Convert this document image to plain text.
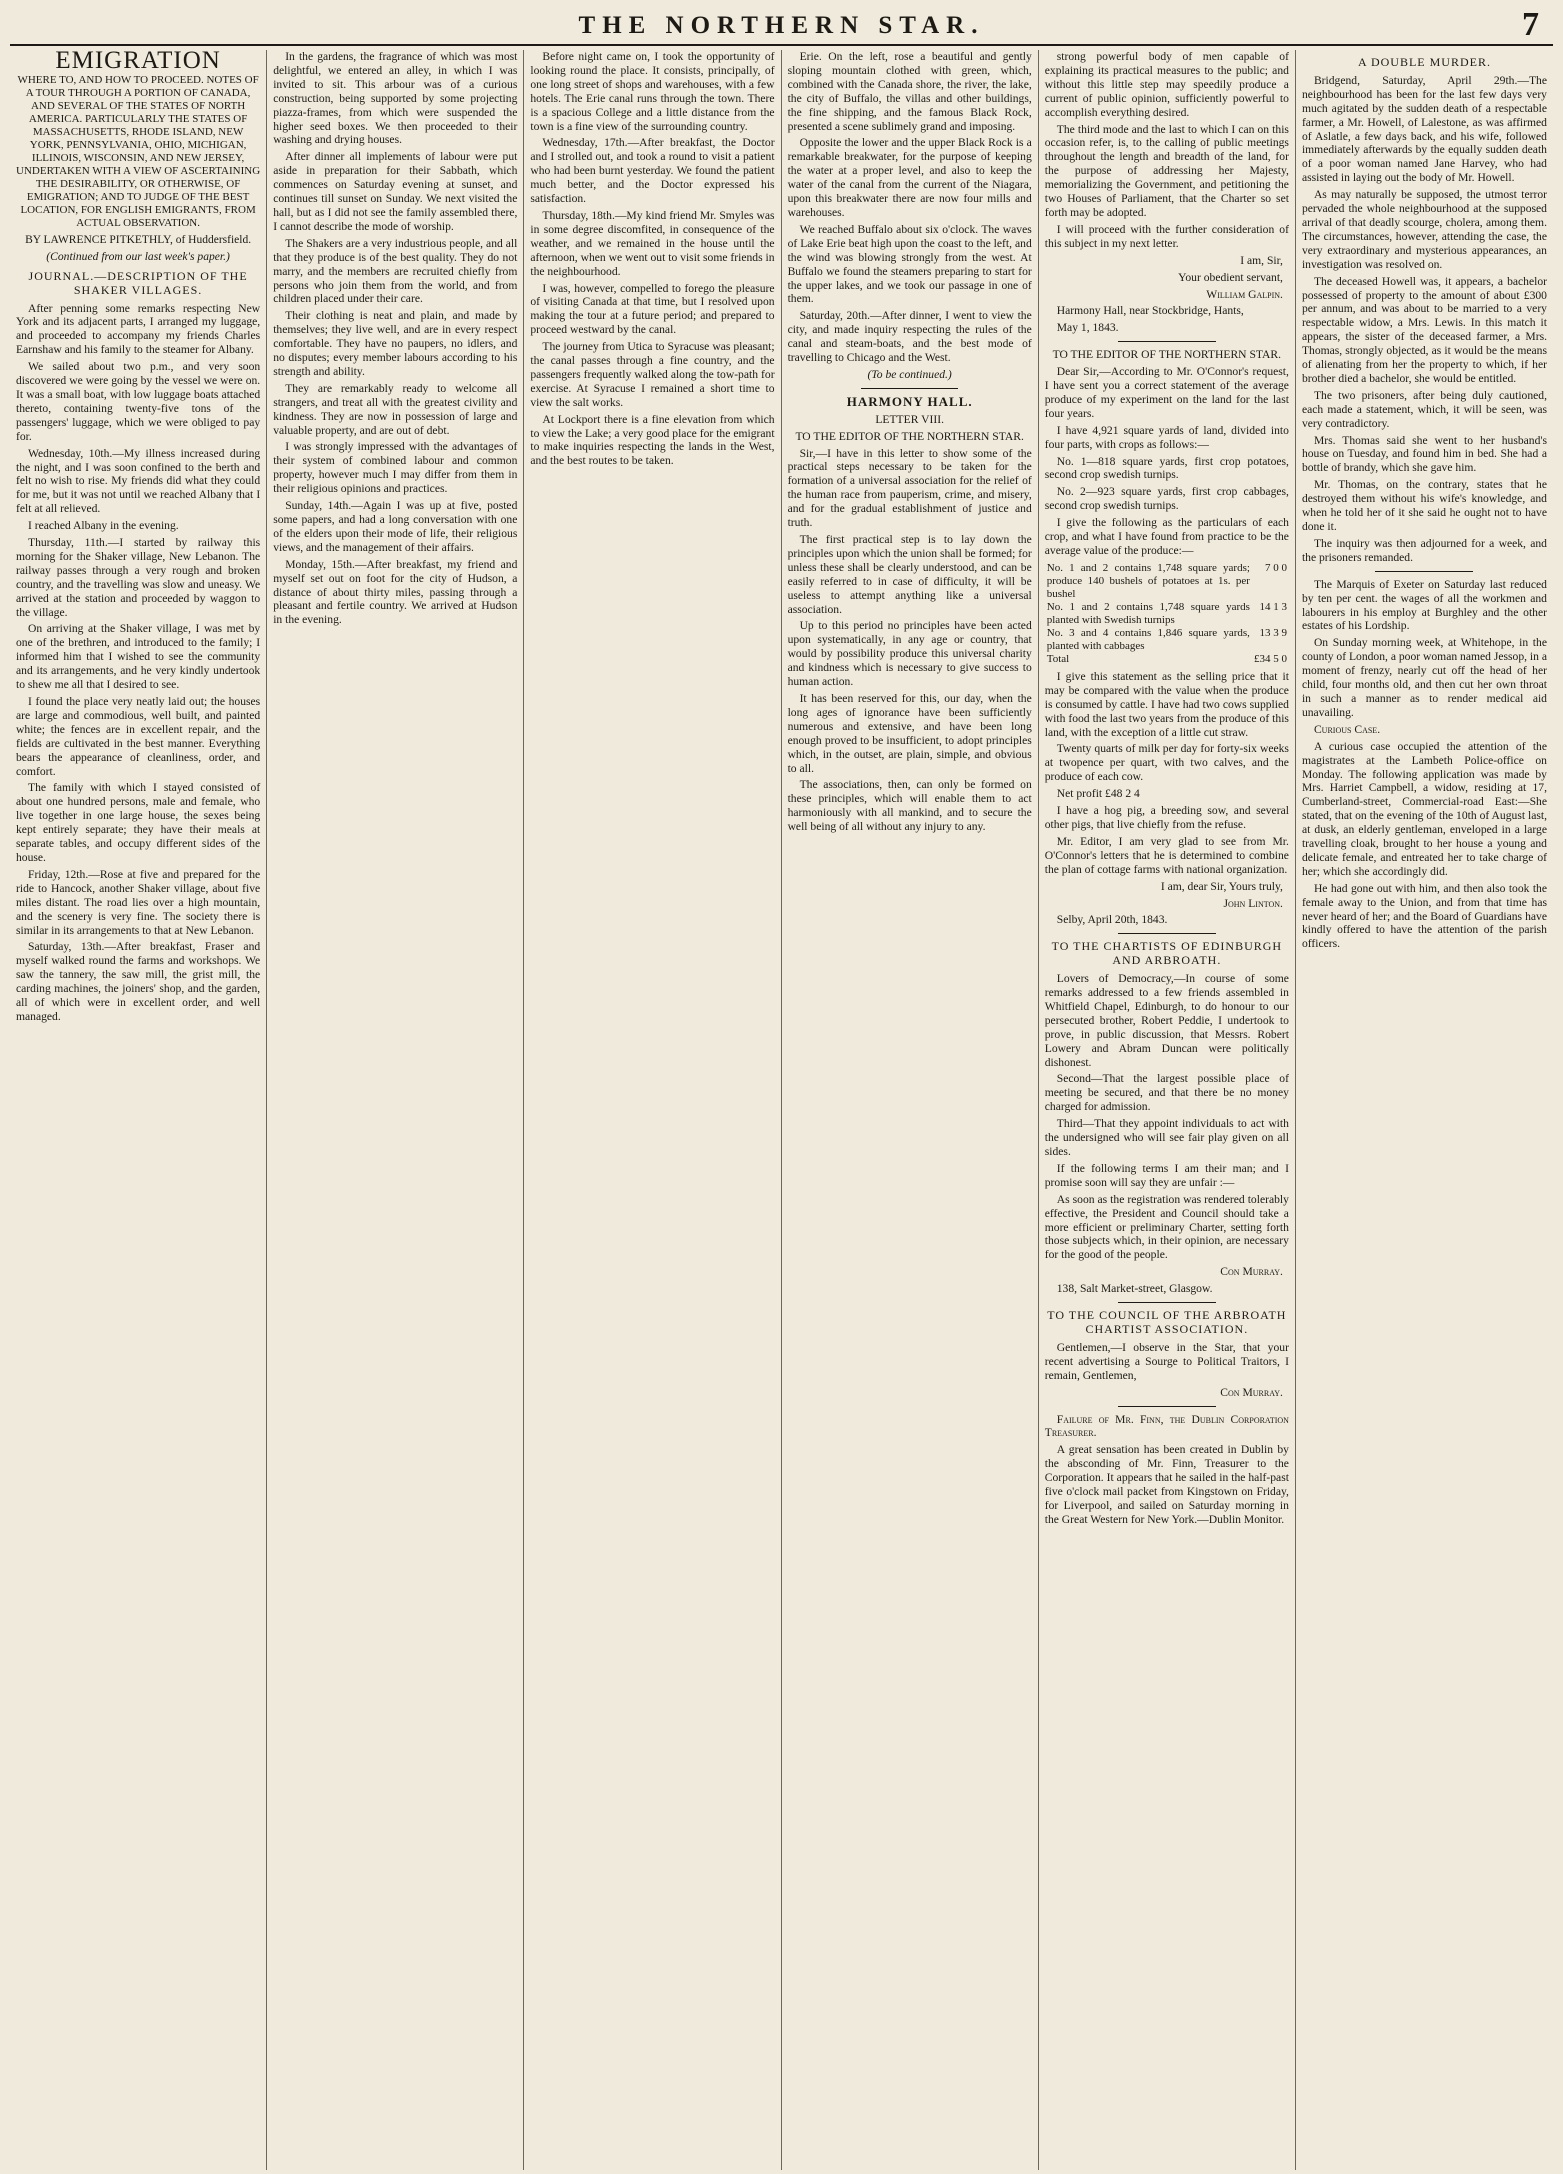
THE NORTHERN STAR.	7
EMIGRATION

WHERE TO, AND HOW TO PROCEED. NOTES OF A TOUR THROUGH A PORTION OF CANADA, AND SEVERAL OF THE STATES OF NORTH AMERICA. PARTICULARLY THE STATES OF MASSACHUSETTS, RHODE ISLAND, NEW YORK, PENNSYLVANIA, OHIO, MICHIGAN, ILLINOIS, WISCONSIN, AND NEW JERSEY, UNDERTAKEN WITH A VIEW OF ASCERTAINING THE DESIRABILITY, OR OTHERWISE, OF EMIGRATION; AND TO JUDGE OF THE BEST LOCATION, FOR ENGLISH EMIGRANTS, FROM ACTUAL OBSERVATION.

BY LAWRENCE PITKETHLY, of Huddersfield.

(Continued from our last week's paper.)

JOURNAL.—DESCRIPTION OF THE SHAKER VILLAGES.

After penning some remarks respecting New York and its adjacent parts, I arranged my luggage, and proceeded to accompany my friends Charles Earnshaw and his family to the steamer for Albany.

We sailed about two p.m., and very soon discovered we were going by the vessel we were on. It was a small boat, with low luggage boats attached thereto, containing twenty-five tons of the passengers' luggage, which we were obliged to pay for.

Wednesday, 10th.—My illness increased during the night, and I was soon confined to the berth and felt no wish to rise. My friends did what they could for me, but it was not until we reached Albany that I felt at all relieved.

I reached Albany in the evening.

Thursday, 11th.—I started by railway this morning for the Shaker village, New Lebanon. The railway passes through a very rough and broken country, and the travelling was slow and uneasy. We arrived at the station and proceeded by waggon to the village.

On arriving at the Shaker village, I was met by one of the brethren, and introduced to the family; I informed him that I wished to see the community and its arrangements, and he very kindly undertook to shew me all that I desired to see.

I found the place very neatly laid out; the houses are large and commodious, well built, and painted white; the fences are in excellent repair, and the fields are cultivated in the best manner. Everything bears the appearance of cleanliness, order, and comfort.

The family with which I stayed consisted of about one hundred persons, male and female, who live together in one large house, the sexes being kept entirely separate; they have their meals at separate tables, and occupy different sides of the house.

Friday, 12th.—Rose at five and prepared for the ride to Hancock, another Shaker village, about five miles distant. The road lies over a high mountain, and the scenery is very fine. The society there is similar in its arrangements to that at New Lebanon.

Saturday, 13th.—After breakfast, Fraser and myself walked round the farms and workshops. We saw the tannery, the saw mill, the grist mill, the carding machines, the joiners' shop, and the garden, all of which were in excellent order, and well managed.

In the gardens, the fragrance of which was most delightful, we entered an alley, in which I was invited to sit. This arbour was of a curious construction, being supported by some projecting piazza-frames, from which were suspended the higher seed boxes. We then proceeded to their washing and drying houses.

After dinner all implements of labour were put aside in preparation for their Sabbath, which commences on Saturday evening at sunset, and continues till sunset on Sunday. We next visited the hall, but as I did not see the family assembled there, I cannot describe the mode of worship.

The Shakers are a very industrious people, and all that they produce is of the best quality. They do not marry, and the members are recruited chiefly from persons who join them from the world, and from children placed under their care.

Their clothing is neat and plain, and made by themselves; they live well, and are in every respect comfortable. They have no paupers, no idlers, and no disputes; every member labours according to his strength and ability.

They are remarkably ready to welcome all strangers, and treat all with the greatest civility and kindness. They are now in possession of large and valuable property, and are out of debt.

I was strongly impressed with the advantages of their system of combined labour and common property, however much I may differ from them in their religious opinions and practices.

Sunday, 14th.—Again I was up at five, posted some papers, and had a long conversation with one of the elders upon their mode of life, their religious views, and the management of their affairs.

Monday, 15th.—After breakfast, my friend and myself set out on foot for the city of Hudson, a distance of about thirty miles, passing through a pleasant and fertile country. We arrived at Hudson in the evening.

Before night came on, I took the opportunity of looking round the place. It consists, principally, of one long street of shops and warehouses, with a few hotels. The Erie canal runs through the town. There is a spacious College and a little distance from the town is a fine view of the surrounding country.

Wednesday, 17th.—After breakfast, the Doctor and I strolled out, and took a round to visit a patient who had been burnt yesterday. We found the patient much better, and the Doctor expressed his satisfaction.

Thursday, 18th.—My kind friend Mr. Smyles was in some degree discomfited, in consequence of the weather, and we remained in the house until the afternoon, when we went out to visit some friends in the neighbourhood.

I was, however, compelled to forego the pleasure of visiting Canada at that time, but I resolved upon making the tour at a future period; and prepared to proceed westward by the canal.

The journey from Utica to Syracuse was pleasant; the canal passes through a fine country, and the passengers frequently walked along the tow-path for exercise. At Syracuse I remained a short time to view the salt works.

At Lockport there is a fine elevation from which to view the Lake; a very good place for the emigrant to make inquiries respecting the lands in the West, and the best routes to be taken.

Erie. On the left, rose a beautiful and gently sloping mountain clothed with green, which, combined with the Canada shore, the river, the lake, the city of Buffalo, the villas and other buildings, the fine shipping, and the famous Black Rock, presented a scene sublimely grand and imposing.

Opposite the lower and the upper Black Rock is a remarkable breakwater, for the purpose of keeping the water at a proper level, and also to keep the water of the canal from the current of the Niagara, upon this breakwater there are now four mills and warehouses.

We reached Buffalo about six o'clock. The waves of Lake Erie beat high upon the coast to the left, and the wind was blowing strongly from the west. At Buffalo we found the steamers preparing to start for the upper lakes, and we took our passage in one of them.

Saturday, 20th.—After dinner, I went to view the city, and made inquiry respecting the rules of the canal and steam-boats, and the best mode of travelling to Chicago and the West.

(To be continued.)

HARMONY HALL.

LETTER VIII.

TO THE EDITOR OF THE NORTHERN STAR.

Sir,—I have in this letter to show some of the practical steps necessary to be taken for the formation of a universal association for the relief of the human race from pauperism, crime, and misery, and for the gradual establishment of justice and truth.

The first practical step is to lay down the principles upon which the union shall be formed; for unless these shall be clearly understood, and can be easily referred to in case of difficulty, it will be useless to attempt anything like a universal association.

Up to this period no principles have been acted upon systematically, in any age or country, that would by possibility produce this universal charity and kindness which is necessary to give success to human action.

It has been reserved for this, our day, when the long ages of ignorance have been sufficiently numerous and extensive, and have been long enough proved to be insufficient, to adopt principles which, in the outset, are plain, simple, and obvious to all.

The associations, then, can only be formed on these principles, which will enable them to act harmoniously with all mankind, and to secure the well being of all without any injury to any.

strong powerful body of men capable of explaining its practical measures to the public; and without this little step may speedily produce a current of public opinion, sufficiently powerful to accomplish everything desired.

The third mode and the last to which I can on this occasion refer, is, to the calling of public meetings throughout the length and breadth of the land, for the purpose of addressing her Majesty, memorializing the Government, and petitioning the two Houses of Parliament, that the Charter so set forth may be adopted.

I will proceed with the further consideration of this subject in my next letter.

I am, Sir,

Your obedient servant,

William Galpin.

Harmony Hall, near Stockbridge, Hants,

May 1, 1843.

TO THE EDITOR OF THE NORTHERN STAR.

Dear Sir,—According to Mr. O'Connor's request, I have sent you a correct statement of the average produce of my experiment on the land for the last four years.

I have 4,921 square yards of land, divided into four parts, with crops as follows:—

No. 1—818 square yards, first crop potatoes, second crop swedish turnips.

No. 2—923 square yards, first crop cabbages, second crop swedish turnips.

I give the following as the particulars of each crop, and what I have found from practice to be the average value of the produce:—

No. 1 and 2 contains 1,748 square yards; produce 140 bushels of potatoes at 1s. per bushel	7 0 0
No. 1 and 2 contains 1,748 square yards planted with Swedish turnips	14 1 3
No. 3 and 4 contains 1,846 square yards, planted with cabbages	13 3 9
Total	£34 5 0

I give this statement as the selling price that it may be compared with the value when the produce is consumed by cattle. I have had two cows supplied with food the last two years from the produce of this land, with the exception of a little cut straw.

Twenty quarts of milk per day for forty-six weeks at twopence per quart, with two calves, and the produce of each cow.

Net profit £48 2 4

I have a hog pig, a breeding sow, and several other pigs, that live chiefly from the refuse.

Mr. Editor, I am very glad to see from Mr. O'Connor's letters that he is determined to combine the plan of cottage farms with national organization.

I am, dear Sir, Yours truly,

John Linton.

Selby, April 20th, 1843.

TO THE CHARTISTS OF EDINBURGH AND ARBROATH.

Lovers of Democracy,—In course of some remarks addressed to a few friends assembled in Whitfield Chapel, Edinburgh, to do honour to our persecuted brother, Robert Peddie, I undertook to prove, in public discussion, that Messrs. Robert Lowery and Abram Duncan were politically dishonest.

Second—That the largest possible place of meeting be secured, and that there be no money charged for admission.

Third—That they appoint individuals to act with the undersigned who will see fair play given on all sides.

If the following terms I am their man; and I promise soon will say they are unfair :—

As soon as the registration was rendered tolerably effective, the President and Council should take a more efficient or preliminary Charter, setting forth those subjects which, in their opinion, are necessary for the good of the people.

Con Murray.

138, Salt Market-street, Glasgow.

TO THE COUNCIL OF THE ARBROATH CHARTIST ASSOCIATION.

Gentlemen,—I observe in the Star, that your recent advertising a Sourge to Political Traitors, I remain, Gentlemen,

Con Murray.

Failure of Mr. Finn, the Dublin Corporation Treasurer.

A great sensation has been created in Dublin by the absconding of Mr. Finn, Treasurer to the Corporation. It appears that he sailed in the half-past five o'clock mail packet from Kingstown on Friday, for Liverpool, and sailed on Saturday morning in the Great Western for New York.—Dublin Monitor.

A DOUBLE MURDER.

Bridgend, Saturday, April 29th.—The neighbourhood has been for the last few days very much agitated by the sudden death of a respectable farmer, a Mr. Howell, of Lalestone, as was affirmed of Aslatle, a few days back, and his wife, followed immediately afterwards by the equally sudden death of a poor woman named Jane Harvey, who had assisted in laying out the body of Mr. Howell.

As may naturally be supposed, the utmost terror pervaded the whole neighbourhood at the supposed arrival of that deadly scourge, cholera, among them. The circumstances, however, attending the case, the very extraordinary and mysterious appearances, an investigation was resolved on.

The deceased Howell was, it appears, a bachelor possessed of property to the amount of about £300 per annum, and was about to be married to a very respectable widow, a Mrs. Lewis. In this match it appears, the sister of the deceased farmer, a Mrs. Thomas, strongly objected, as it would be the means of alienating from her the property to which, if her brother died a bachelor, she would be entitled.

The two prisoners, after being duly cautioned, each made a statement, which, it will be seen, was very contradictory.

Mrs. Thomas said she went to her husband's house on Tuesday, and found him in bed. She had a bottle of brandy, which she gave him.

Mr. Thomas, on the contrary, states that he destroyed them without his wife's knowledge, and when he told her of it she said he ought not to have done it.

The inquiry was then adjourned for a week, and the prisoners remanded.

The Marquis of Exeter on Saturday last reduced by ten per cent. the wages of all the workmen and labourers in his employ at Burghley and the other estates of his Lordship.

On Sunday morning week, at Whitehope, in the county of London, a poor woman named Jessop, in a moment of frenzy, nearly cut off the head of her child, four months old, and then cut her own throat in such a manner as to render medical aid unavailing.

Curious Case.

A curious case occupied the attention of the magistrates at the Lambeth Police-office on Monday. The following application was made by Mrs. Harriet Campbell, a widow, residing at 17, Cumberland-street, Commercial-road East:—She stated, that on the evening of the 10th of August last, at dusk, an elderly gentleman, enveloped in a large travelling cloak, brought to her house a young and delicate female, and entreated her to take charge of her; which she accordingly did.

He had gone out with him, and then also took the female away to the Union, and from that time has never heard of her; and the Board of Guardians have kindly offered to have the attention of the parish officers.
